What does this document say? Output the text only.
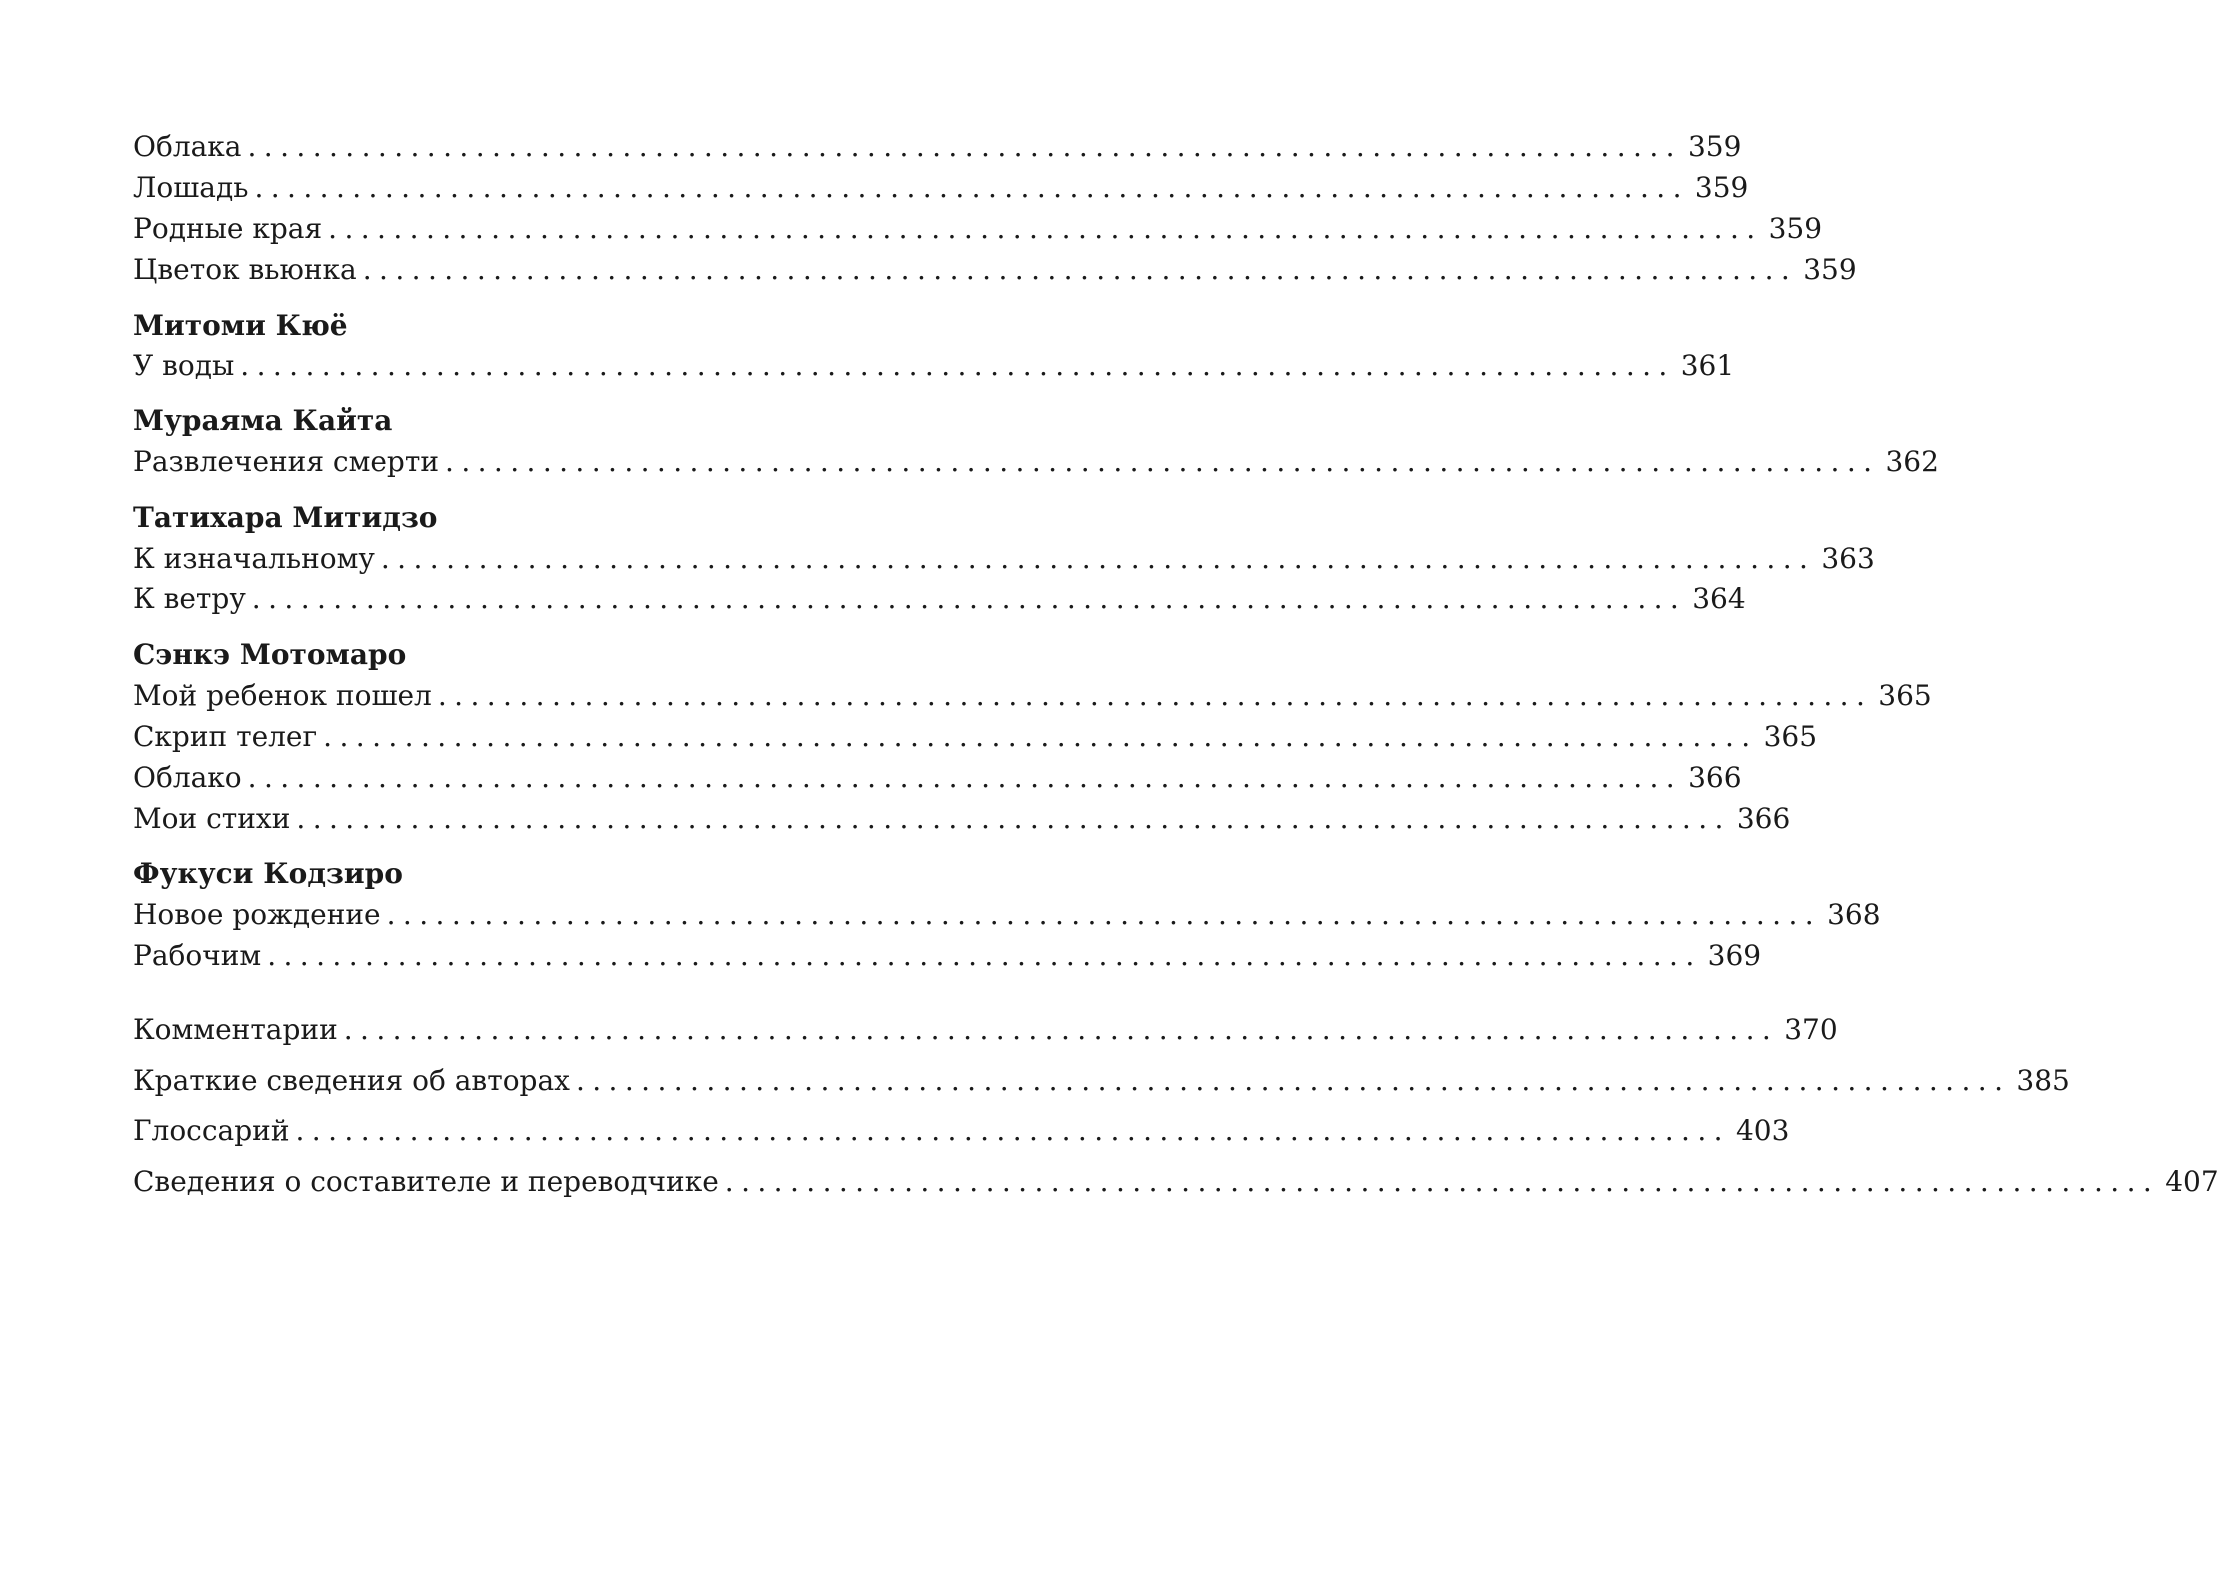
Облака ........................................................................................ 359
Лошадь ........................................................................................ 359
Родные края ........................................................................................ 359
Цветок вьюнка ........................................................................................ 359
Митоми Кюё
У воды ........................................................................................ 361
Мураяма Кайта
Развлечения смерти ........................................................................................ 362
Татихара Митидзо
К изначальному ........................................................................................ 363
К ветру ........................................................................................ 364
Сэнкэ Мотомаро
Мой ребенок пошел ........................................................................................ 365
Скрип телег ........................................................................................ 365
Облако ........................................................................................ 366
Мои стихи ........................................................................................ 366
Фукуси Кодзиро
Новое рождение ........................................................................................ 368
Рабочим ........................................................................................ 369
Комментарии ........................................................................................ 370
Краткие сведения об авторах ........................................................................................ 385
Глоссарий ........................................................................................ 403
Сведения о составителе и переводчике ........................................................................................ 407
